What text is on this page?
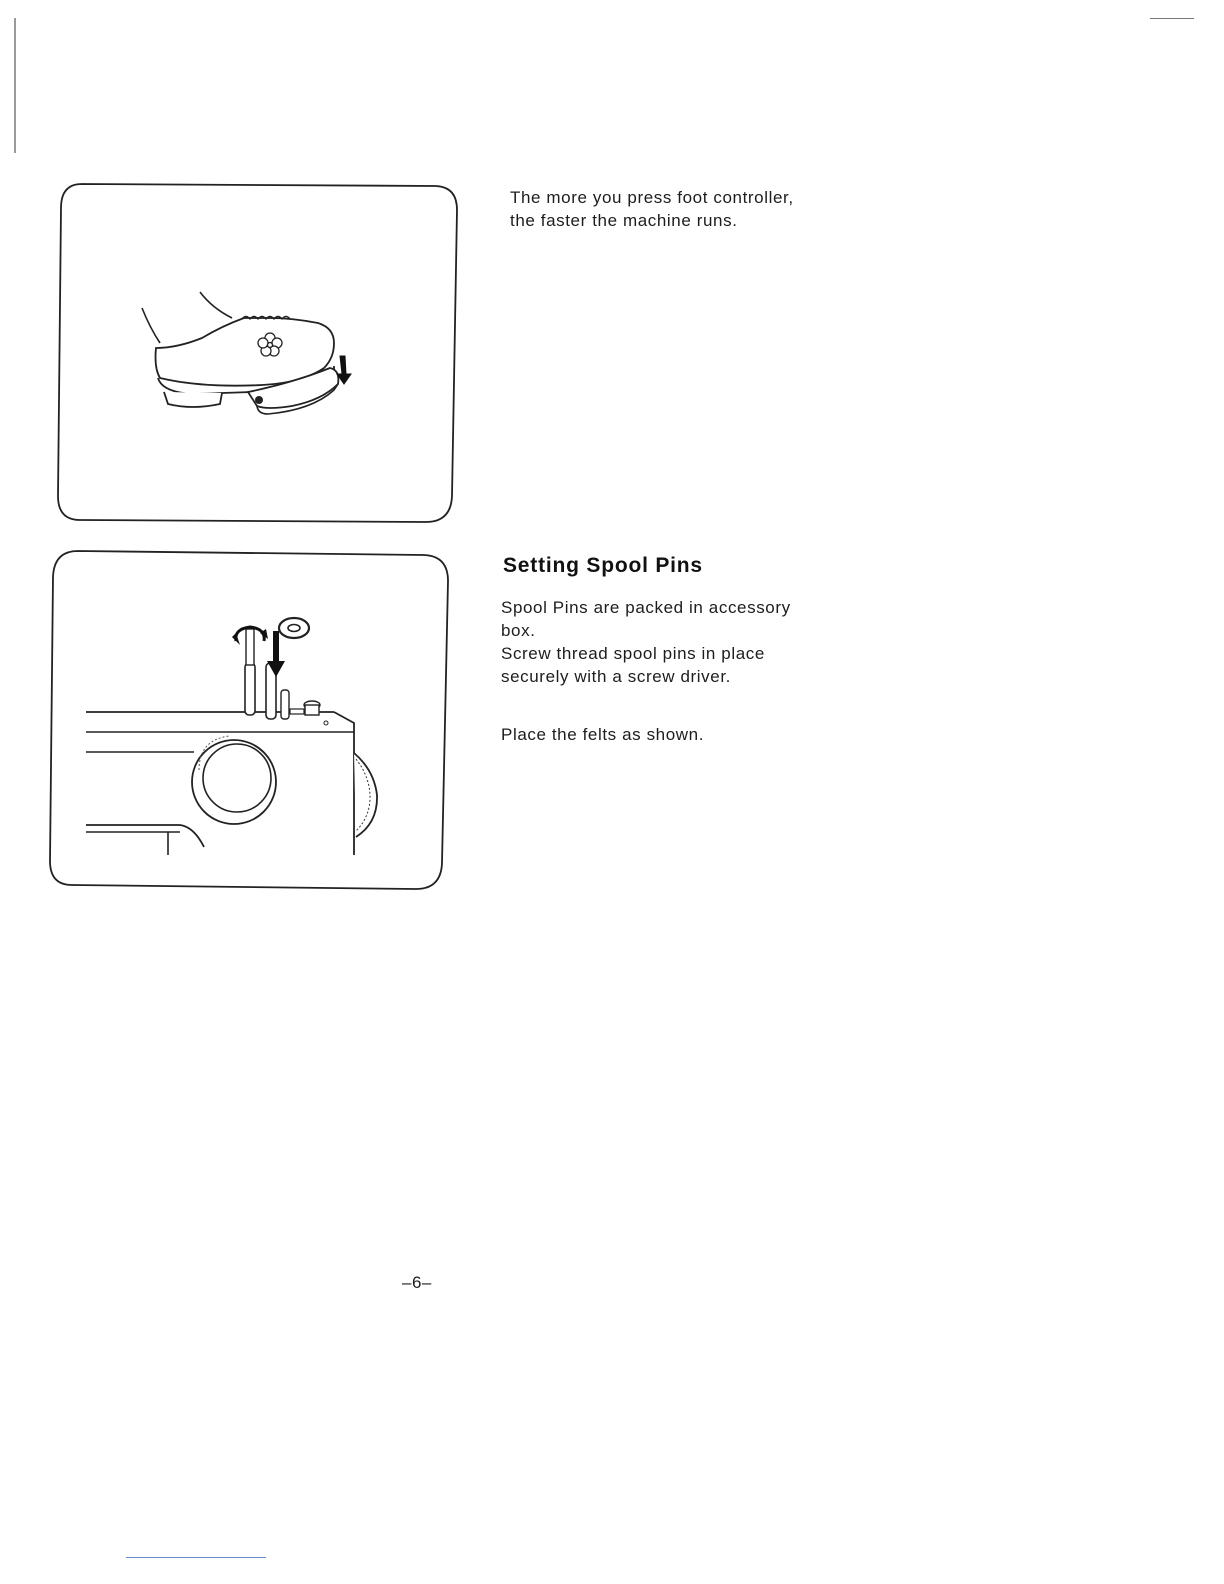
The more you press foot controller,

the faster the machine runs.

Setting Spool Pins

Spool Pins are packed in accessory

box.

Screw thread spool pins in place

securely with a screw driver.

Place the felts as shown.

–6–
